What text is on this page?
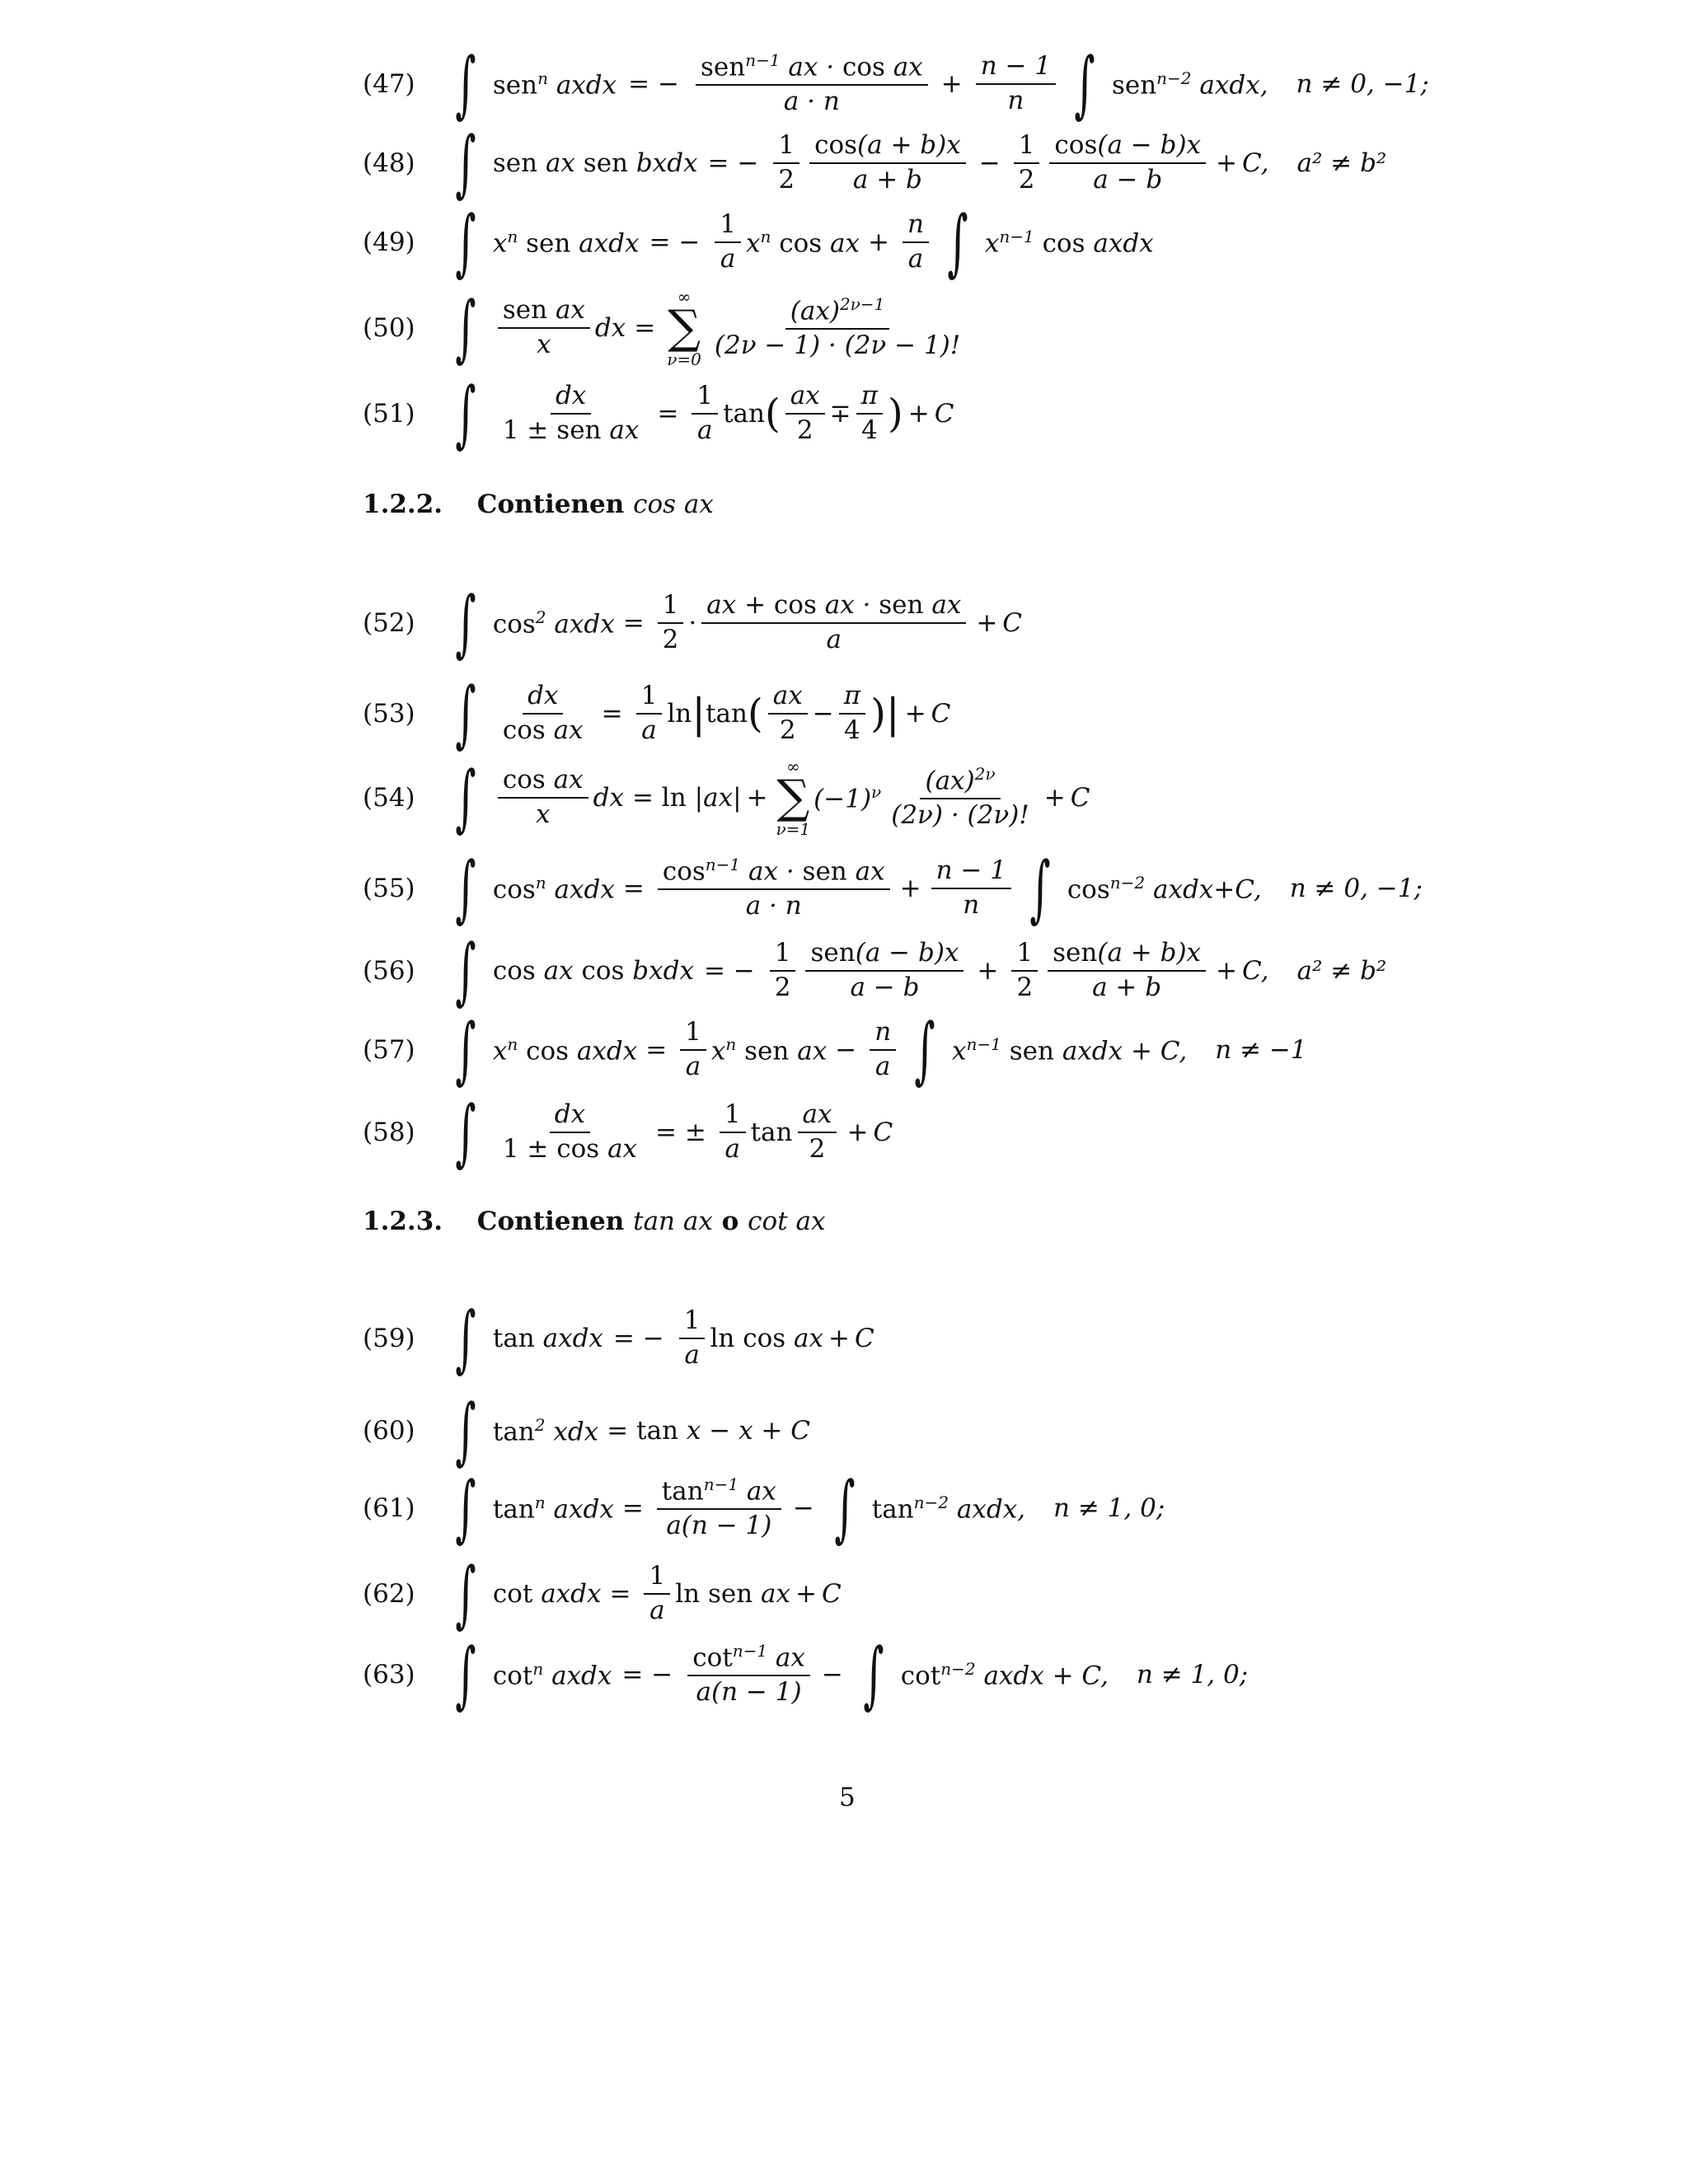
(47) ∫ sen$^n$ axdx = − $\frac{sen^{n-1} ax \cdot \cos ax}{a \cdot n} + \frac{n - 1}{n}$ ∫ sen$^{n-2}$ axdx, n ≠ 0, −1;
(48) ∫ sen ax sen bxdx = − $\frac{1}{2} \frac{\cos(a + b)x}{a + b} - \frac{1}{2} \frac{\cos(a - b)x}{a - b} + C$, a² ≠ b²
(49) ∫ $x^n$ sen axdx = − $\frac{1}{a} x^n$ cos ax + $\frac{n}{a}$ ∫ $x^{n-1}$ cos axdx
(50) ∫ $\frac{\text{sen ax}}{x}$ dx =
∞
∑
$\nu=0 \frac{(ax)^{2\nu-1}}{(2\nu - 1) \cdot (2\nu - 1)!}$
(51) ∫ $\frac{dx}{\text{1 ± sen ax}} = \frac{1}{a}$ tan ( $\frac{ax}{2} \mp \frac{\pi}{4}$ ) + C
1.2.2. Contienen cos ax
(52) ∫ $\cos^2$ axdx = $\frac{1}{2} \cdot \frac{\text{ax + cos ax · sen ax}}{a} + C$
(53) ∫ $\frac{dx}{\text{cos ax}} = \frac{1}{a}$ ln | tan ( $\frac{ax}{2} - \frac{\pi}{4}$ ) | + C
(54) ∫ $\frac{\text{cos ax}}{x}$ dx = ln |ax| +
∞
∑
ν=1
$(-1)^\nu \frac{(ax)^{2\nu}}{(2\nu) \cdot (2\nu)!} + C$
(55) ∫ $\cos^n$ axdx = $\frac{\cos^{n-1} ax \cdot sen ax}{a \cdot n} + \frac{n - 1}{n}$ ∫ $\cos^{n-2}$ axdx+C, n ≠ 0, −1;
(56) ∫ cos ax cos bxdx = − $\frac{1}{2} \frac{\text{sen(a − b)x}}{a - b} + \frac{1}{2} \frac{\text{sen(a + b)x}}{a + b} + C$, a² ≠ b²
(57) ∫ $x^n$ cos axdx = $\frac{1}{a} x^n$ sen ax − $\frac{n}{a}$ ∫ $x^{n-1}$ sen axdx + C, n ≠ −1
(58) ∫ $\frac{dx}{\text{1 ± cos ax}}$ = ± $\frac{1}{a}$ $\tan \frac{ax}{2} + C$
1.2.3. Contienen tan ax o cot ax
(59) ∫ tan axdx = − $\frac{1}{a}$ ln cos ax + C
(60) ∫ $\tan^2$ xdx = tan x − x + C
(61) ∫ $\tan^n$ axdx = $\frac{\tan^{n-1} ax}{a(n - 1)}$ − ∫ $\tan^{n-2}$ axdx, n ≠ 1, 0;
(62) ∫ cot axdx = $\frac{1}{a}$ ln sen ax + C
(63) ∫ $\cot^n$ axdx = − $\frac{\cot^{n-1} ax}{a(n - 1)}$ − ∫ $\cot^{n-2}$ axdx + C, n ≠ 1, 0;
5
